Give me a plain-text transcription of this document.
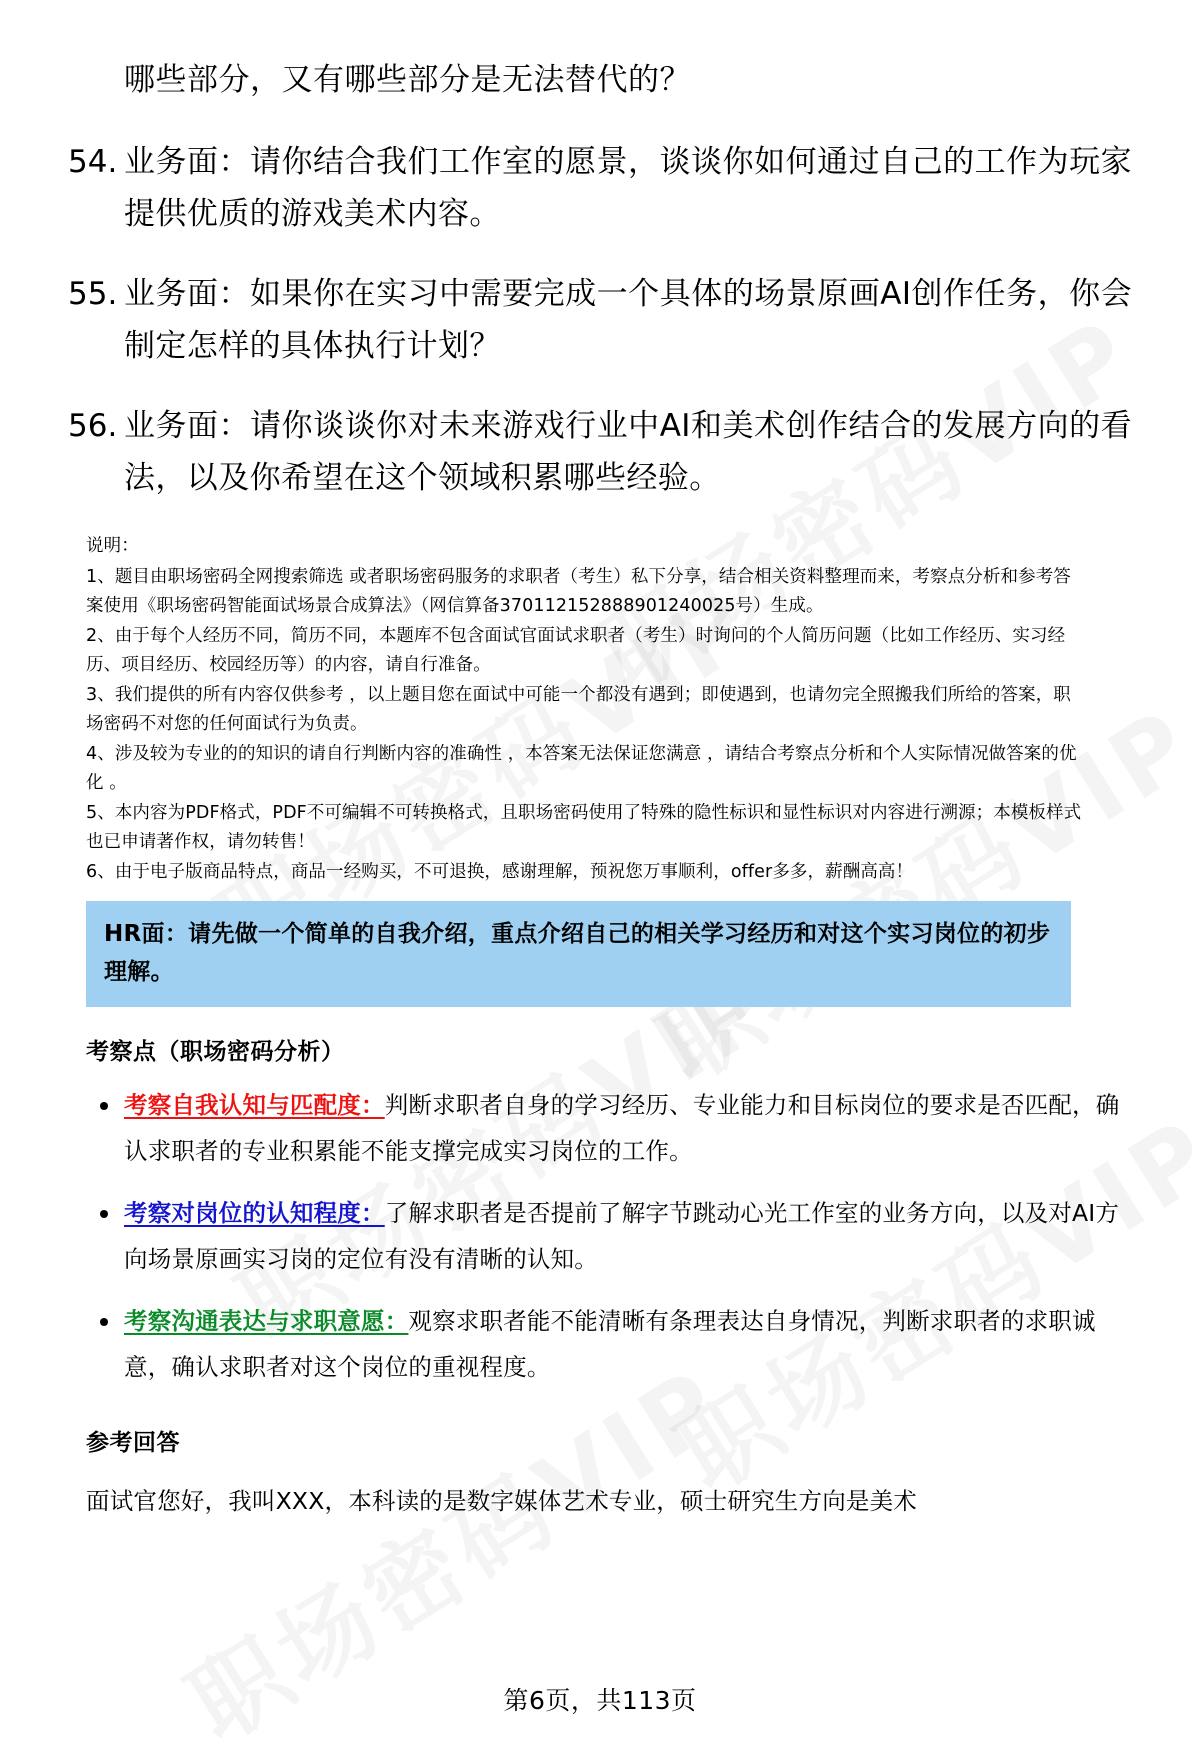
哪些部分，又有哪些部分是无法替代的？
54. 业务面：请你结合我们工作室的愿景，谈谈你如何通过自己的工作为玩家提供优质的游戏美术内容。
55. 业务面：如果你在实习中需要完成一个具体的场景原画AI创作任务，你会制定怎样的具体执行计划？
56. 业务面：请你谈谈你对未来游戏行业中AI和美术创作结合的发展方向的看法，以及你希望在这个领域积累哪些经验。
说明：
1、题目由职场密码全网搜索筛选 或者职场密码服务的求职者（考生）私下分享，结合相关资料整理而来，考察点分析和参考答案使用《职场密码智能面试场景合成算法》（网信算备370112152888901240025号）生成。
2、由于每个人经历不同，简历不同，本题库不包含面试官面试求职者（考生）时询问的个人简历问题（比如工作经历、实习经历、项目经历、校园经历等）的内容，请自行准备。
3、我们提供的所有内容仅供参考 ，以上题目您在面试中可能一个都没有遇到；即使遇到，也请勿完全照搬我们所给的答案，职场密码不对您的任何面试行为负责。
4、涉及较为专业的的知识的请自行判断内容的准确性 ，本答案无法保证您满意 ，请结合考察点分析和个人实际情况做答案的优化 。
5、本内容为PDF格式，PDF不可编辑不可转换格式，且职场密码使用了特殊的隐性标识和显性标识对内容进行溯源；本模板样式也已申请著作权，请勿转售！
6、由于电子版商品特点，商品一经购买，不可退换，感谢理解，预祝您万事顺利，offer多多，薪酬高高！
HR面：请先做一个简单的自我介绍，重点介绍自己的相关学习经历和对这个实习岗位的初步理解。
考察点（职场密码分析）
考察自我认知与匹配度：判断求职者自身的学习经历、专业能力和目标岗位的要求是否匹配，确认求职者的专业积累能不能支撑完成实习岗位的工作。
考察对岗位的认知程度：了解求职者是否提前了解字节跳动心光工作室的业务方向，以及对AI方向场景原画实习岗的定位有没有清晰的认知。
考察沟通表达与求职意愿：观察求职者能不能清晰有条理表达自身情况，判断求职者的求职诚意，确认求职者对这个岗位的重视程度。
参考回答
面试官您好，我叫XXX，本科读的是数字媒体艺术专业，硕士研究生方向是美术
第6页，共113页
